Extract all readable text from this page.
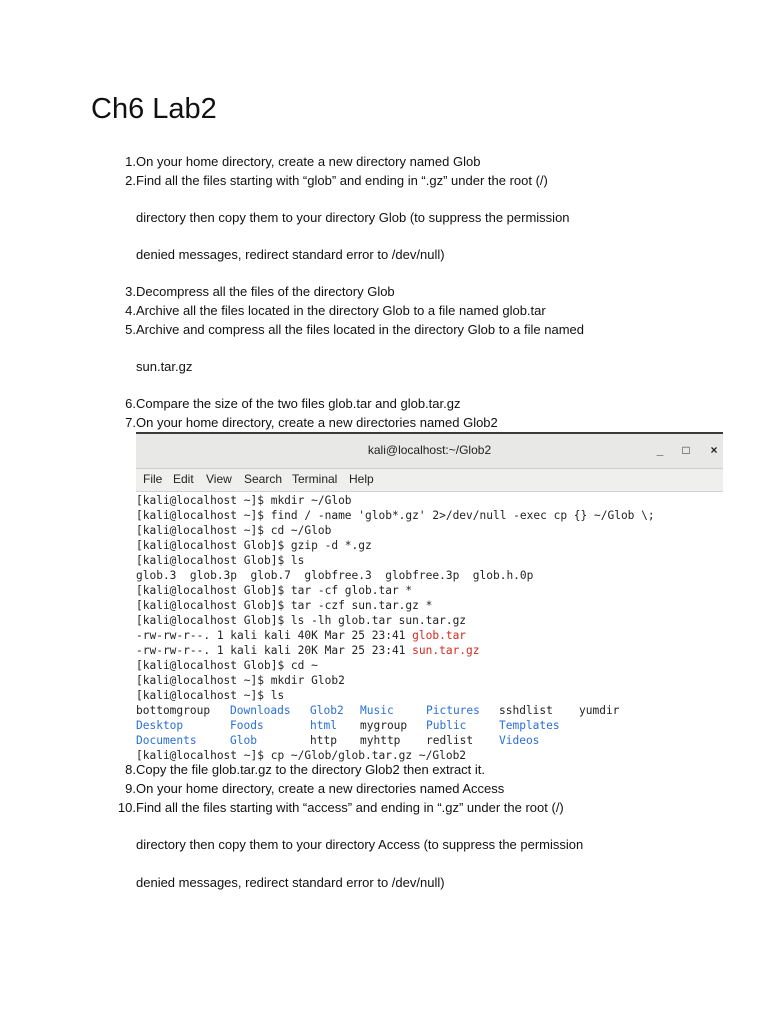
Ch6 Lab2
1. On your home directory, create a new directory named Glob
2. Find all the files starting with “glob” and ending in “.gz” under the root (/)
directory then copy them to your directory Glob (to suppress the permission
denied messages, redirect standard error to /dev/null)
3. Decompress all the files of the directory Glob
4. Archive all the files located in the directory Glob to a file named glob.tar
5. Archive and compress all the files located in the directory Glob to a file named
sun.tar.gz
6. Compare the size of the two files glob.tar and glob.tar.gz
7. On your home directory, create a new directories named Glob2
kali@localhost:~/Glob2	_	□	×
File Edit View Search Terminal Help
[kali@localhost ~]$ mkdir ~/Glob
[kali@localhost ~]$ find / -name 'glob*.gz' 2>/dev/null -exec cp {} ~/Glob \;
[kali@localhost ~]$ cd ~/Glob
[kali@localhost Glob]$ gzip -d *.gz
[kali@localhost Glob]$ ls
glob.3  glob.3p  glob.7  globfree.3  globfree.3p  glob.h.0p
[kali@localhost Glob]$ tar -cf glob.tar *
[kali@localhost Glob]$ tar -czf sun.tar.gz *
[kali@localhost Glob]$ ls -lh glob.tar sun.tar.gz
-rw-rw-r--. 1 kali kali 40K Mar 25 23:41 glob.tar
-rw-rw-r--. 1 kali kali 20K Mar 25 23:41 sun.tar.gz
[kali@localhost Glob]$ cd ~
[kali@localhost ~]$ mkdir Glob2
[kali@localhost ~]$ ls
bottomgroup Downloads Glob2 Music	Pictures sshdlist yumdir
Desktop	Foods	html mygroup Public	Templates
Documents	Glob	http myhttp redlist Videos
[kali@localhost ~]$ cp ~/Glob/glob.tar.gz ~/Glob2
8. Copy the file glob.tar.gz to the directory Glob2 then extract it.
9. On your home directory, create a new directories named Access
10. Find all the files starting with “access” and ending in “.gz” under the root (/)
directory then copy them to your directory Access (to suppress the permission
denied messages, redirect standard error to /dev/null)
